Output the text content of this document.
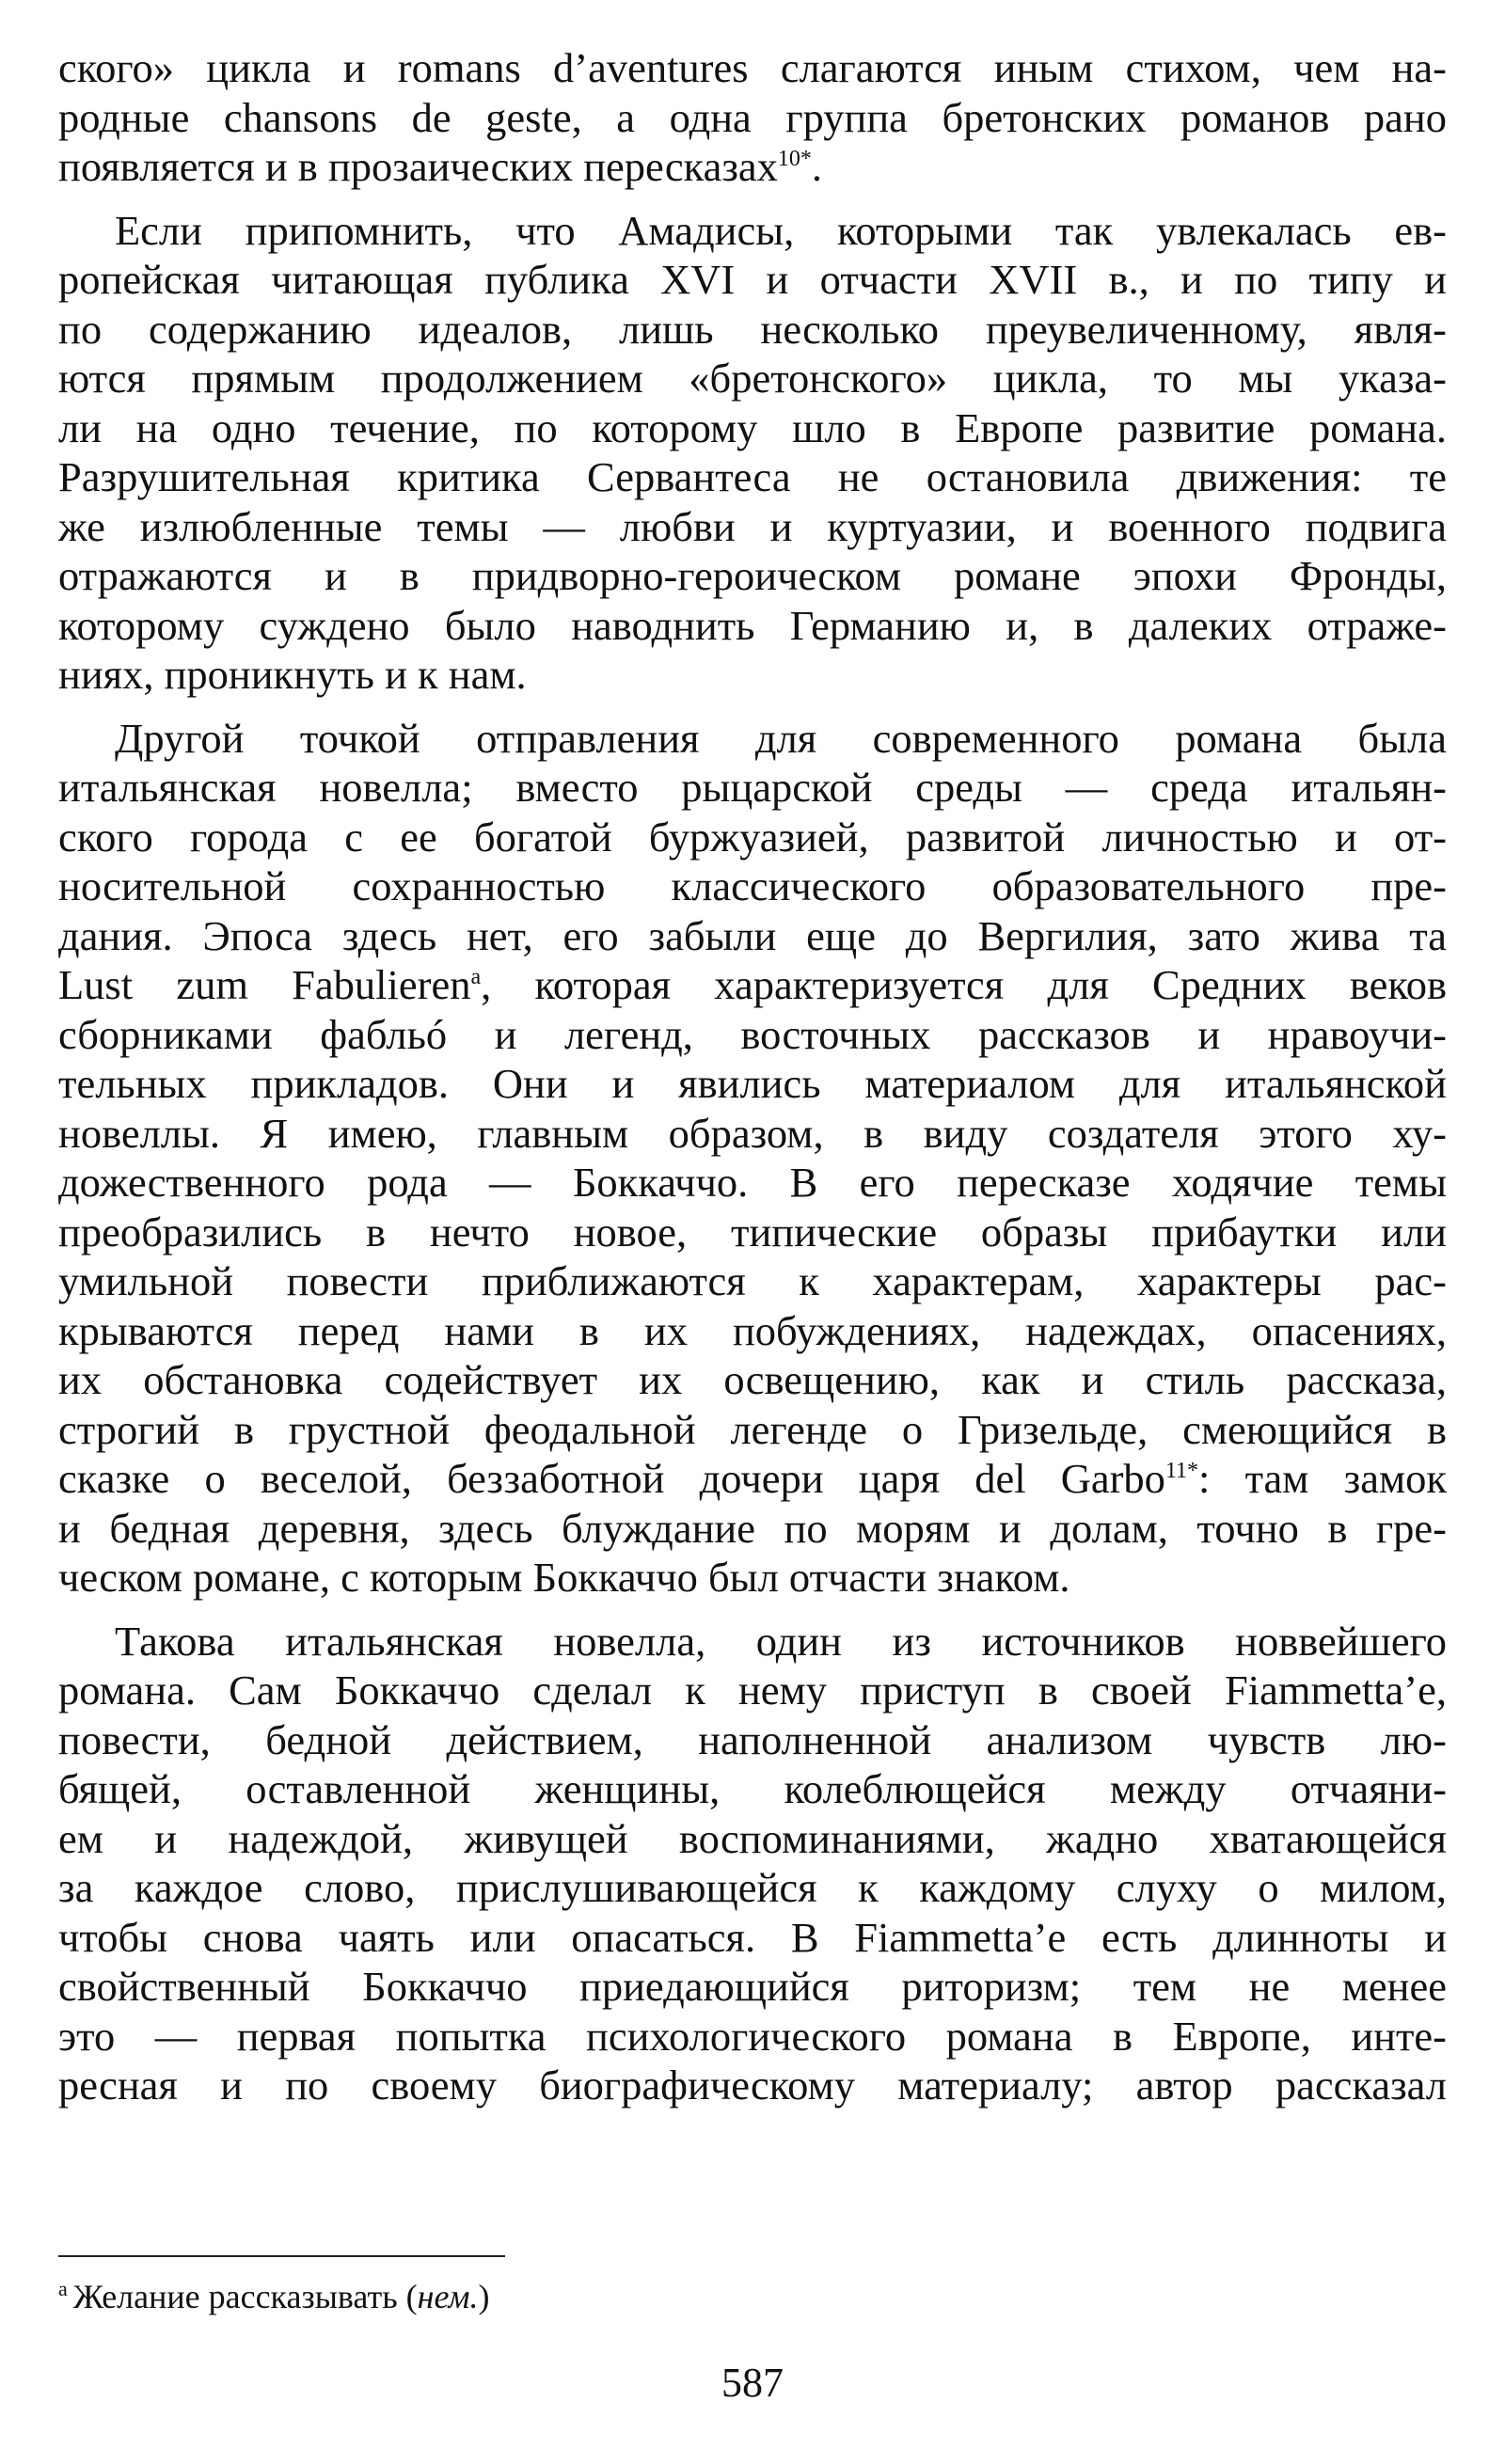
ского» цикла и romans d’aventures слагаются иным стихом, чем на-
родные chansons de geste, а одна группа бретонских романов рано
появляется и в прозаических пересказах$^{10*}$.

Если припомнить, что Амадисы, которыми так увлекалась ев-
ропейская читающая публика XVI и отчасти XVII в., и по типу и
по содержанию идеалов, лишь несколько преувеличенному, явля-
ются прямым продолжением «бретонского» цикла, то мы указа-
ли на одно течение, по которому шло в Европе развитие романа.
Разрушительная критика Сервантеса не остановила движения: те
же излюбленные темы — любви и куртуазии, и военного подвига
отражаются и в придворно-героическом романе эпохи Фронды,
которому суждено было наводнить Германию и, в далеких отраже-
ниях, проникнуть и к нам.

Другой точкой отправления для современного романа была
итальянская новелла; вместо рыцарской среды — среда итальян-
ского города с ее богатой буржуазией, развитой личностью и от-
носительной сохранностью классического образовательного пре-
дания. Эпоса здесь нет, его забыли еще до Вергилия, зато жива та
Lust zum Fabulieren$^a$, которая характеризуется для Средних веков
сборниками фабльó и легенд, восточных рассказов и нравоучи-
тельных прикладов. Они и явились материалом для итальянской
новеллы. Я имею, главным образом, в виду создателя этого ху-
дожественного рода — Боккаччо. В его пересказе ходячие темы
преобразились в нечто новое, типические образы прибаутки или
умильной повести приближаются к характерам, характеры рас-
крываются перед нами в их побуждениях, надеждах, опасениях,
их обстановка содействует их освещению, как и стиль рассказа,
строгий в грустной феодальной легенде о Гризельде, смеющийся в
сказке о веселой, беззаботной дочери царя del Garbo$^{11*}$: там замок
и бедная деревня, здесь блуждание по морям и долам, точно в гре-
ческом романе, с которым Боккаччо был отчасти знаком.

Такова итальянская новелла, один из источников новвейшего
романа. Сам Боккаччо сделал к нему приступ в своей Fiammetta’е,
повести, бедной действием, наполненной анализом чувств лю-
бящей, оставленной женщины, колеблющейся между отчаяни-
ем и надеждой, живущей воспоминаниями, жадно хватающейся
за каждое слово, прислушивающейся к каждому слуху о милом,
чтобы снова чаять или опасаться. В Fiammetta’е есть длинноты и
свойственный Боккаччо приедающийся риторизм; тем не менее
это — первая попытка психологического романа в Европе, инте-
ресная и по своему биографическому материалу; автор рассказал

$^a$ Желание рассказывать (нем.)
587
